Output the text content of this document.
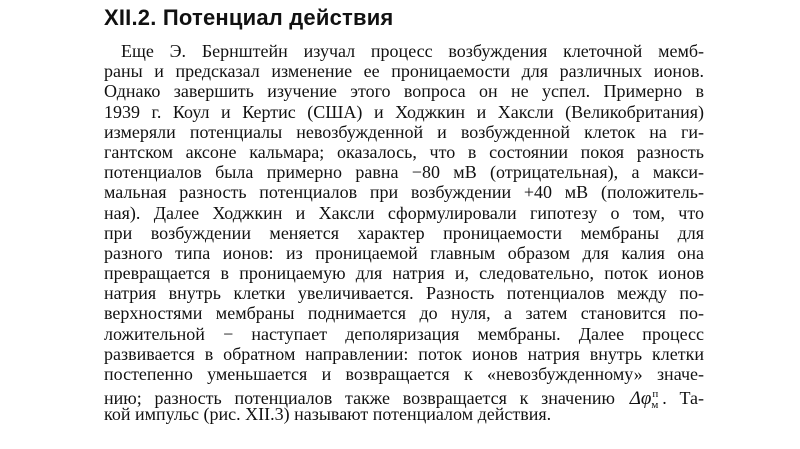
XII.2. Потенциал действия
Еще Э. Бернштейн изучал процесс возбуждения клеточной мемб-
раны и предсказал изменение ее проницаемости для различных ионов.
Однако завершить изучение этого вопроса он не успел. Примерно в
1939 г. Коул и Кертис (США) и Ходжкин и Хаксли (Великобритания)
измеряли потенциалы невозбужденной и возбужденной клеток на ги-
гантском аксоне кальмара; оказалось, что в состоянии покоя разность
потенциалов была примерно равна −80 мВ (отрицательная), а макси-
мальная разность потенциалов при возбуждении +40 мВ (положитель-
ная). Далее Ходжкин и Хаксли сформулировали гипотезу о том, что
при возбуждении меняется характер проницаемости мембраны для
разного типа ионов: из проницаемой главным образом для калия она
превращается в проницаемую для натрия и, следовательно, поток ионов
натрия внутрь клетки увеличивается. Разность потенциалов между по-
верхностями мембраны поднимается до нуля, а затем становится по-
ложительной − наступает деполяризация мембраны. Далее процесс
развивается в обратном направлении: поток ионов натрия внутрь клетки
постепенно уменьшается и возвращается к «невозбужденному» значе-
нию; разность потенциалов также возвращается к значению $\Delta\varphi_м^п$ . Та-
кой импульс (рис. XII.3) называют потенциалом действия.
